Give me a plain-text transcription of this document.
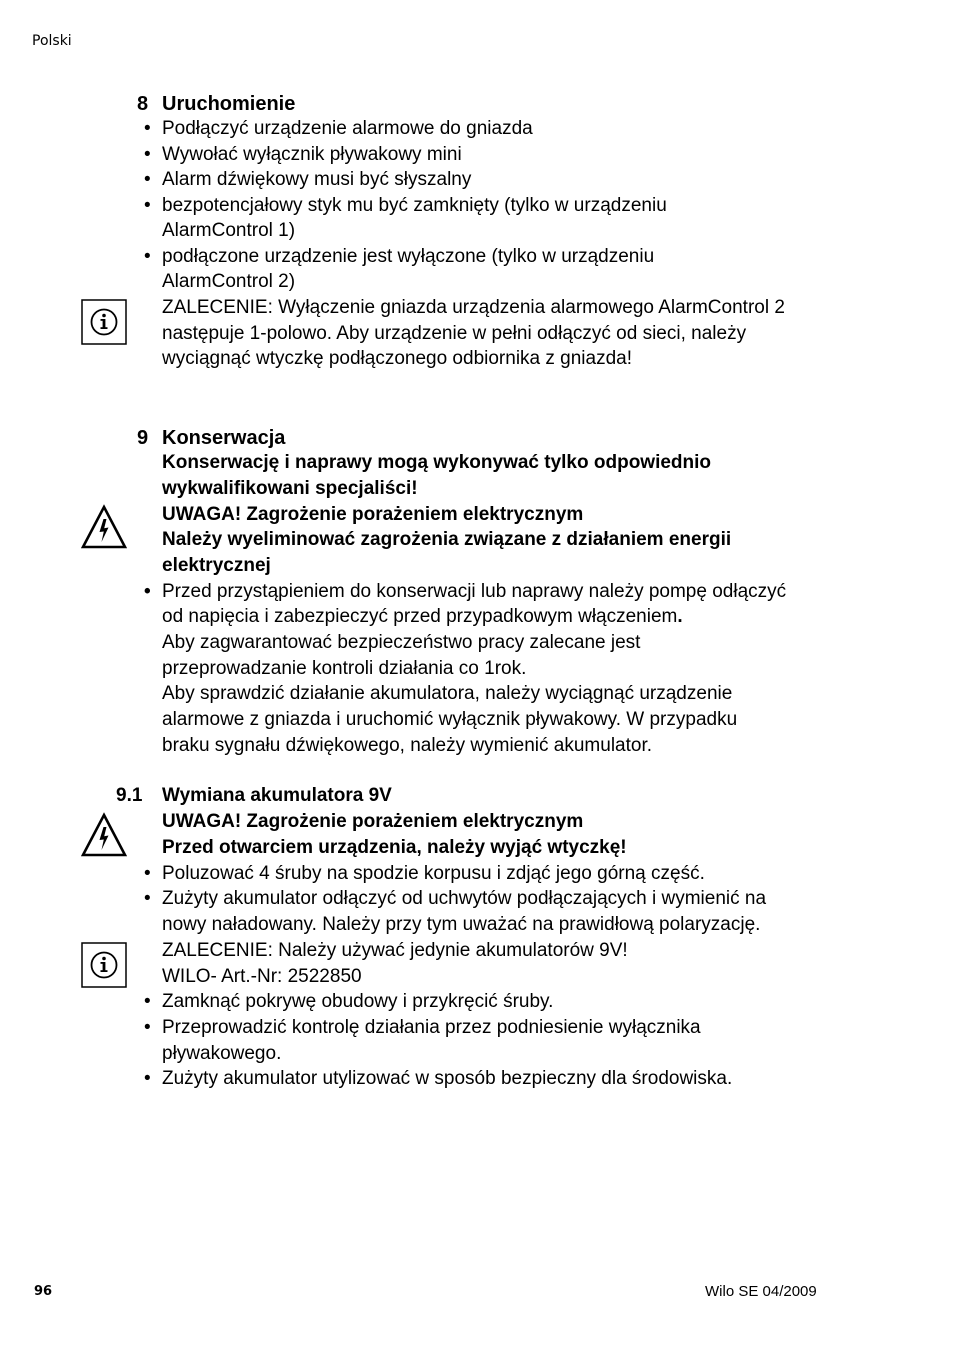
Polski
8 Uruchomienie
• Podłączyć urządzenie alarmowe do gniazda
• Wywołać wyłącznik pływakowy mini
• Alarm dźwiękowy musi być słyszalny
• bezpotencjałowy styk mu być zamknięty (tylko w urządzeniu
AlarmControl 1)
• podłączone urządzenie jest wyłączone (tylko w urządzeniu
AlarmControl 2)
ZALECENIE: Wyłączenie gniazda urządzenia alarmowego AlarmControl 2
następuje 1-polowo. Aby urządzenie w pełni odłączyć od sieci, należy
wyciągnąć wtyczkę podłączonego odbiornika z gniazda!
9 Konserwacja
Konserwację i naprawy mogą wykonywać tylko odpowiednio
wykwalifikowani specjaliści!
UWAGA! Zagrożenie porażeniem elektrycznym
Należy wyeliminować zagrożenia związane z działaniem energii
elektrycznej
• Przed przystąpieniem do konserwacji lub naprawy należy pompę odłączyć
od napięcia i zabezpieczyć przed przypadkowym włączeniem.
Aby zagwarantować bezpieczeństwo pracy zalecane jest
przeprowadzanie kontroli działania co 1rok.
Aby sprawdzić działanie akumulatora, należy wyciągnąć urządzenie
alarmowe z gniazda i uruchomić wyłącznik pływakowy. W przypadku
braku sygnału dźwiękowego, należy wymienić akumulator.
9.1 Wymiana akumulatora 9V
UWAGA! Zagrożenie porażeniem elektrycznym
Przed otwarciem urządzenia, należy wyjąć wtyczkę!
• Poluzować 4 śruby na spodzie korpusu i zdjąć jego górną część.
• Zużyty akumulator odłączyć od uchwytów podłączających i wymienić na
nowy naładowany. Należy przy tym uważać na prawidłową polaryzację.
ZALECENIE: Należy używać jedynie akumulatorów 9V!
WILO- Art.-Nr: 2522850
• Zamknąć pokrywę obudowy i przykręcić śruby.
• Przeprowadzić kontrolę działania przez podniesienie wyłącznika
pływakowego.
• Zużyty akumulator utylizować w sposób bezpieczny dla środowiska.
96	Wilo SE 04/2009
